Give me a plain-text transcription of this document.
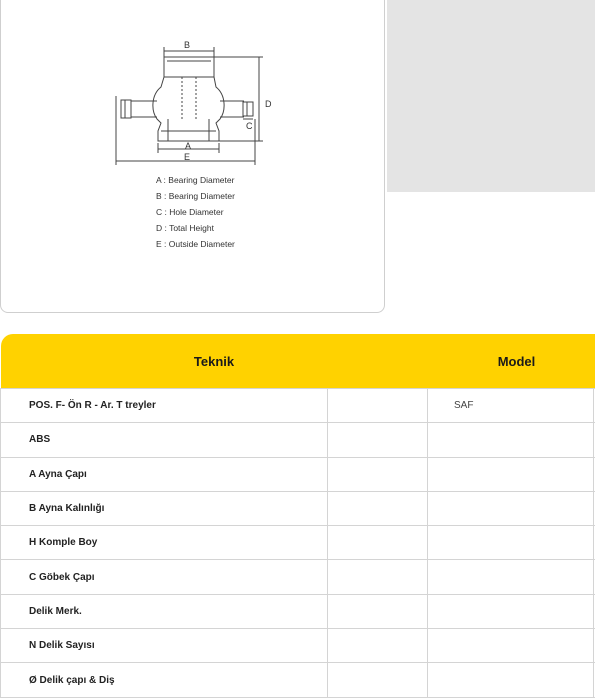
B
D
C
A
E
A : Bearing Diameter
B : Bearing Diameter
C : Hole Diameter
D : Total Height
E : Outside Diameter
Teknik		Model	
POS. F- Ön R - Ar. T treyler		SAF	
ABS			
A Ayna Çapı			
B Ayna Kalınlığı			
H Komple Boy			
C Göbek Çapı			
Delik Merk.			
N Delik Sayısı			
Ø Delik çapı & Diş			
